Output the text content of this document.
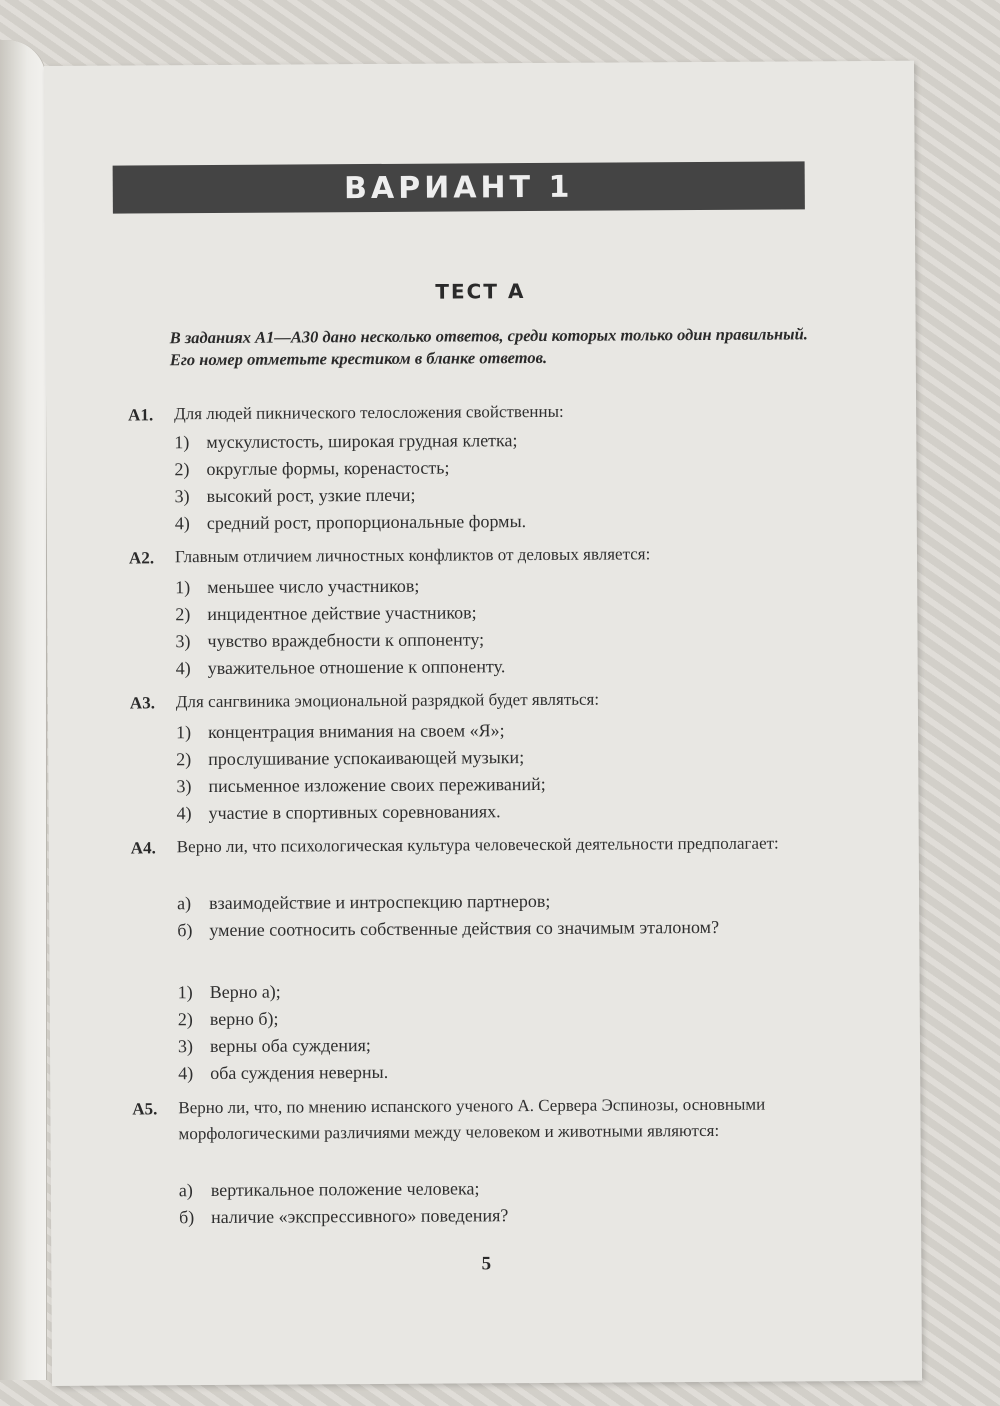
ВАРИАНТ 1
ТЕСТ А
В заданиях А1—А30 дано несколько ответов, среди которых только один правильный. Его номер отметьте крестиком в бланке ответов.
А1. Для людей пикнического телосложения свойственны:
1) мускулистость, широкая грудная клетка;
2) округлые формы, коренастость;
3) высокий рост, узкие плечи;
4) средний рост, пропорциональные формы.
А2. Главным отличием личностных конфликтов от деловых является:
1) меньшее число участников;
2) инцидентное действие участников;
3) чувство враждебности к оппоненту;
4) уважительное отношение к оппоненту.
А3. Для сангвиника эмоциональной разрядкой будет являться:
1) концентрация внимания на своем «Я»;
2) прослушивание успокаивающей музыки;
3) письменное изложение своих переживаний;
4) участие в спортивных соревнованиях.
А4. Верно ли, что психологическая культура человеческой деятельности предполагает:
а) взаимодействие и интроспекцию партнеров;
б) умение соотносить собственные действия со значимым эталоном?
1) Верно а);
2) верно б);
3) верны оба суждения;
4) оба суждения неверны.
А5. Верно ли, что, по мнению испанского ученого А. Сервера Эспинозы, основными морфологическими различиями между человеком и животными являются:
а) вертикальное положение человека;
б) наличие «экспрессивного» поведения?
5
